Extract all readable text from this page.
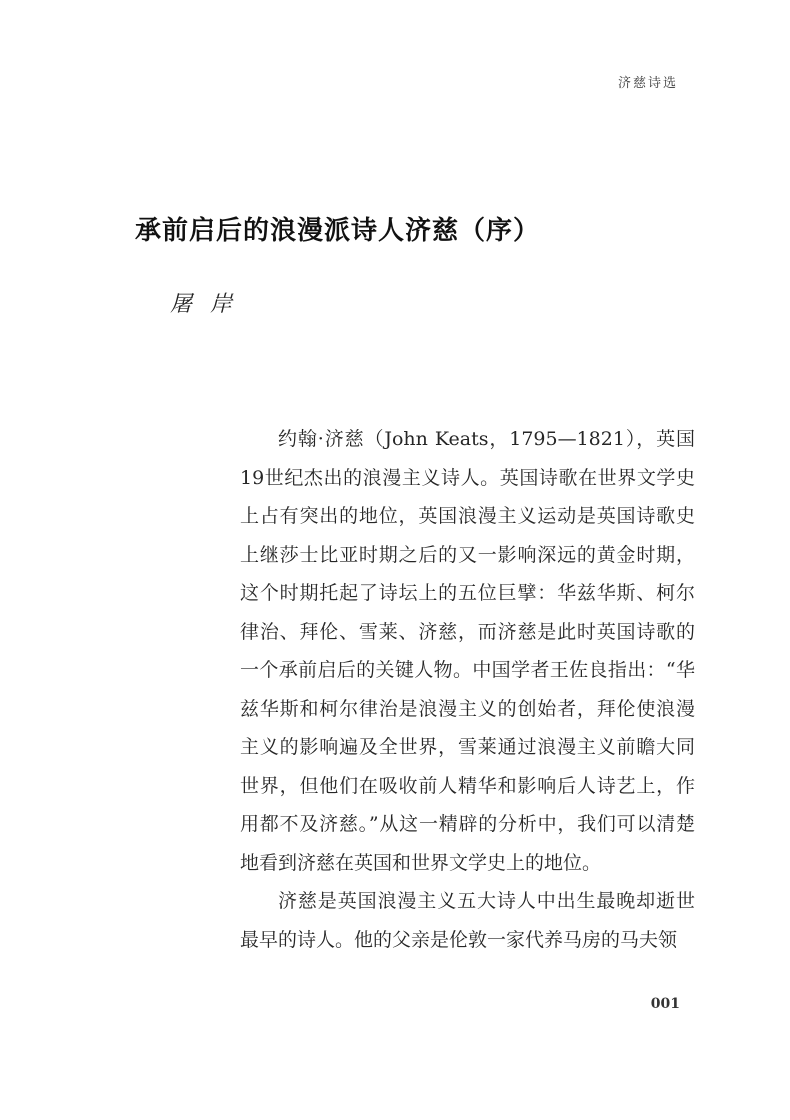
济慈诗选
承前启后的浪漫派诗人济慈（序）
屠岸

约翰·济慈（John Keats，1795—1821），英国19世纪杰出的浪漫主义诗人。英国诗歌在世界文学史上占有突出的地位，英国浪漫主义运动是英国诗歌史上继莎士比亚时期之后的又一影响深远的黄金时期，这个时期托起了诗坛上的五位巨擘：华兹华斯、柯尔律治、拜伦、雪莱、济慈，而济慈是此时英国诗歌的一个承前启后的关键人物。中国学者王佐良指出：“华兹华斯和柯尔律治是浪漫主义的创始者，拜伦使浪漫主义的影响遍及全世界，雪莱通过浪漫主义前瞻大同世界，但他们在吸收前人精华和影响后人诗艺上，作用都不及济慈。”从这一精辟的分析中，我们可以清楚地看到济慈在英国和世界文学史上的地位。

济慈是英国浪漫主义五大诗人中出生最晚却逝世最早的诗人。他的父亲是伦敦一家代养马房的马夫领

001
